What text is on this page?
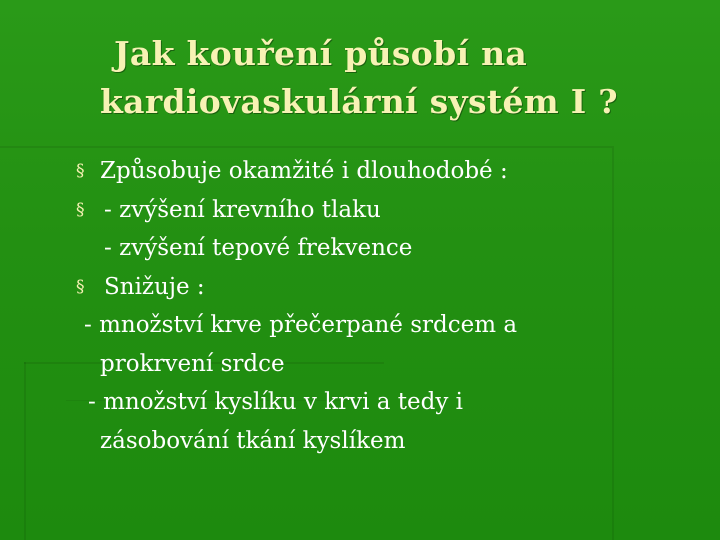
Jak kouření působí na
kardiovaskulární systém I ?
§ Způsobuje okamžité i dlouhodobé :
§ - zvýšení krevního tlaku
- zvýšení tepové frekvence
§ Snižuje :
- množství krve přečerpané srdcem a
prokrvení srdce
- množství kyslíku v krvi a tedy i
zásobování tkání kyslíkem
